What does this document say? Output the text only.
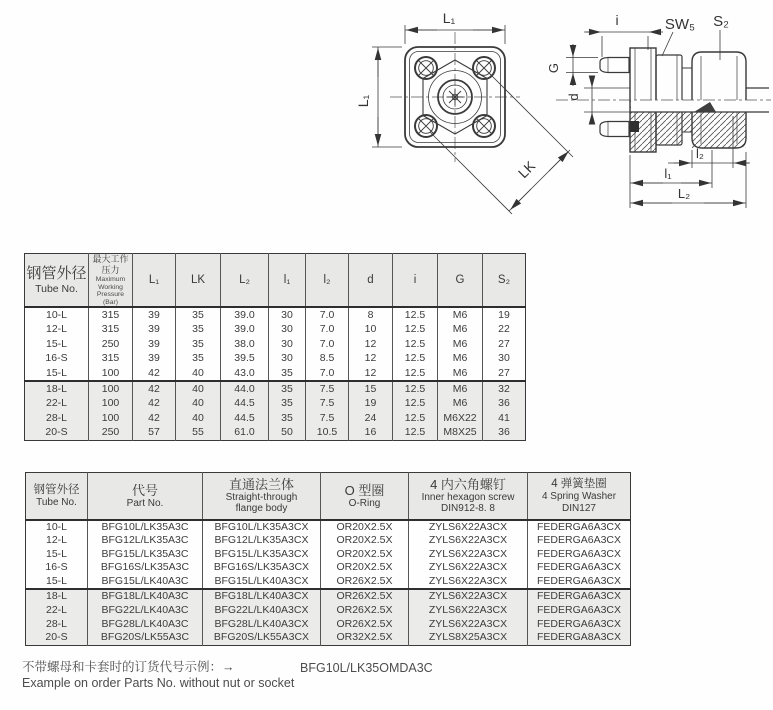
L₁
L₁
LK
i	SW₅ S₂
G
d
l₂
l₁
L₂
钢管外径
Tube No.

最大工作压力
Maximum Working
Pressure (Bar)
	L₁	LK	L₂	l₁	l₂	d	i	G	S₂
10-L	315	39	35	39.0	30	7.0	8	12.5	M6	19
12-L	315	39	35	39.0	30	7.0	10	12.5	M6	22
15-L	250	39	35	38.0	30	7.0	12	12.5	M6	27
16-S	315	39	35	39.5	30	8.5	12	12.5	M6	30
15-L	100	42	40	43.0	35	7.0	12	12.5	M6	27
18-L	100	42	40	44.0	35	7.5	15	12.5	M6	32
22-L	100	42	40	44.5	35	7.5	19	12.5	M6	36
28-L	100	42	40	44.5	35	7.5	24	12.5	M6X22	41
20-S	250	57	55	61.0	50	10.5	16	12.5	M8X25	36
钢管外径
Tube No.

代号
Part No.

直通法兰体
Straight-through
flange body

O 型圈
O-Ring

4 内六角螺钉
Inner hexagon screw
DIN912-8. 8

4 弹簧垫圈
4 Spring Washer
DIN127

10-L	BFG10L/LK35A3C	BFG10L/LK35A3CX	OR20X2.5X	ZYLS6X22A3CX	FEDERGA6A3CX
12-L	BFG12L/LK35A3C	BFG12L/LK35A3CX	OR20X2.5X	ZYLS6X22A3CX	FEDERGA6A3CX
15-L	BFG15L/LK35A3C	BFG15L/LK35A3CX	OR20X2.5X	ZYLS6X22A3CX	FEDERGA6A3CX
16-S	BFG16S/LK35A3C	BFG16S/LK35A3CX	OR20X2.5X	ZYLS6X22A3CX	FEDERGA6A3CX
15-L	BFG15L/LK40A3C	BFG15L/LK40A3CX	OR26X2.5X	ZYLS6X22A3CX	FEDERGA6A3CX
18-L	BFG18L/LK40A3C	BFG18L/LK40A3CX	OR26X2.5X	ZYLS6X22A3CX	FEDERGA6A3CX
22-L	BFG22L/LK40A3C	BFG22L/LK40A3CX	OR26X2.5X	ZYLS6X22A3CX	FEDERGA6A3CX
28-L	BFG28L/LK40A3C	BFG28L/LK40A3CX	OR26X2.5X	ZYLS6X22A3CX	FEDERGA6A3CX
20-S	BFG20S/LK55A3C	BFG20S/LK55A3CX	OR32X2.5X	ZYLS8X25A3CX	FEDERGA8A3CX
不带螺母和卡套时的订货代号示例：→
Example on order Parts No. without nut or socket
BFG10L/LK35OMDA3C
